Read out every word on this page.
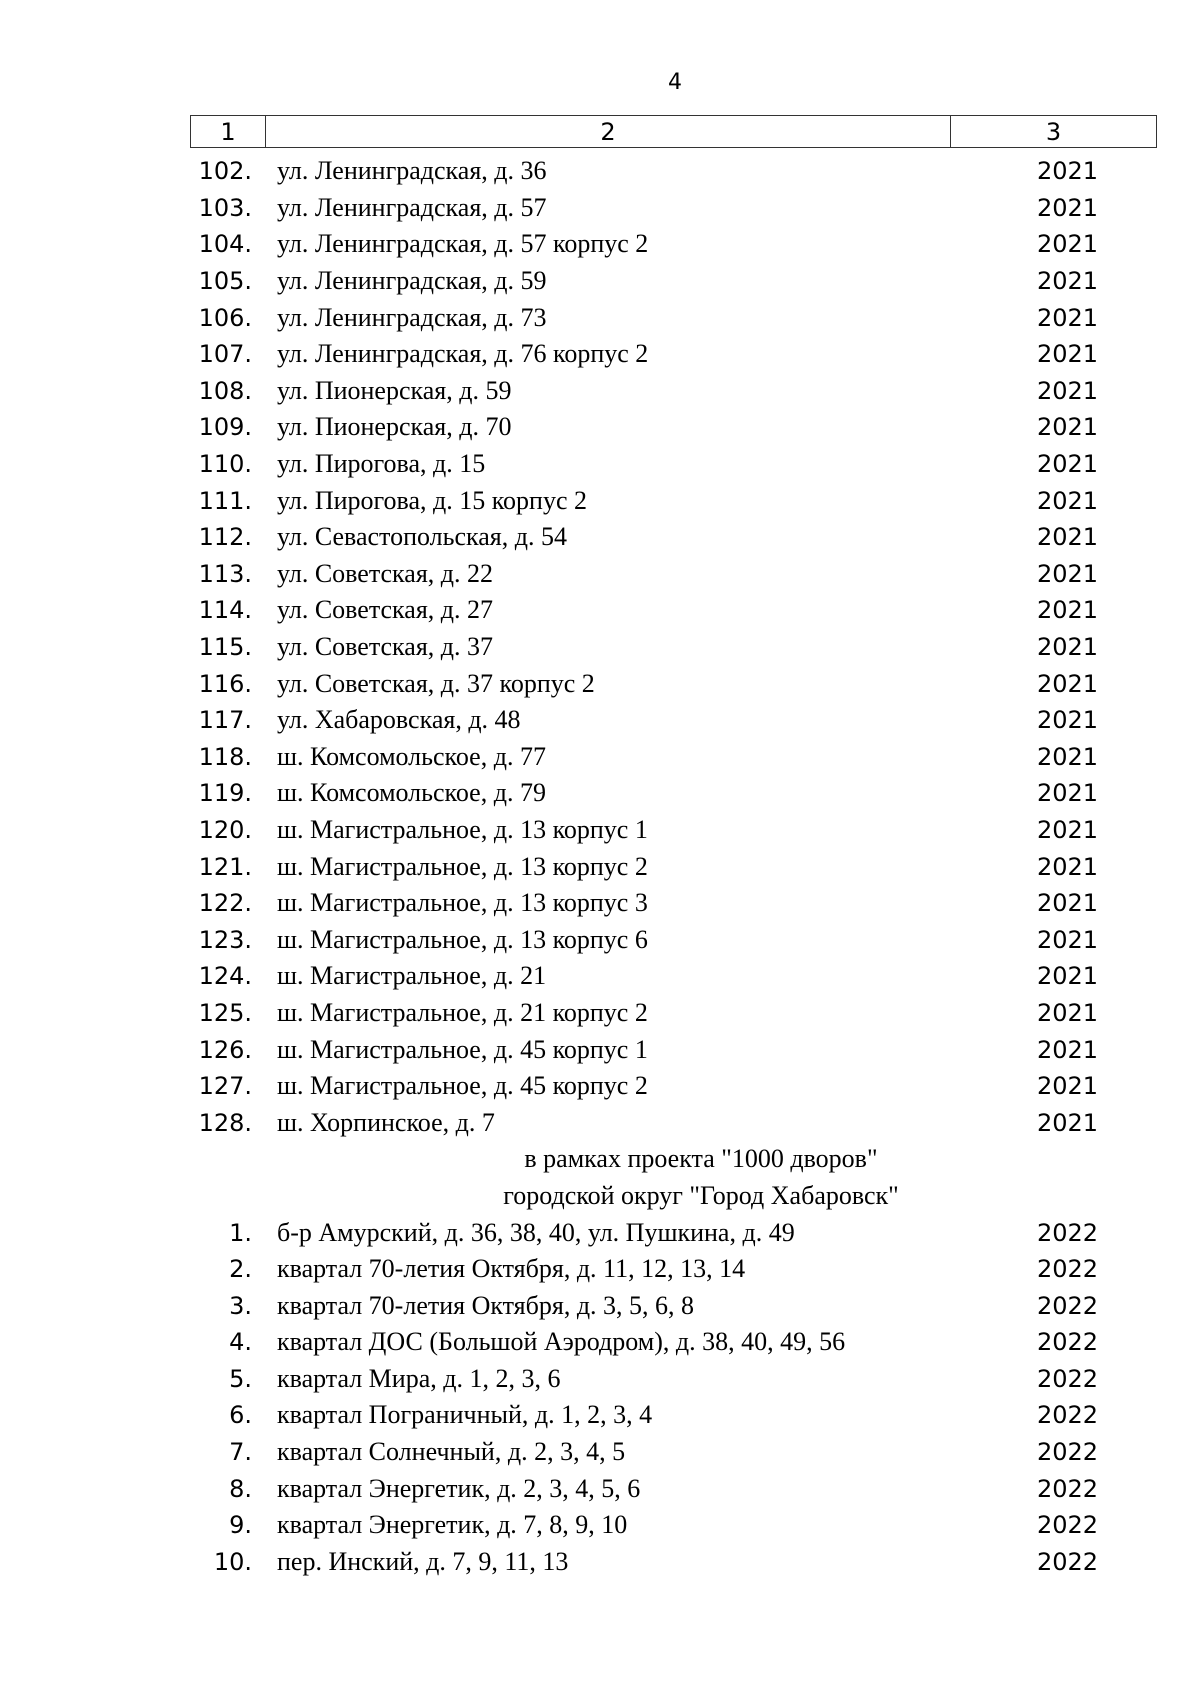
4
1	2	3
102. ул. Ленинградская, д. 36	2021
103. ул. Ленинградская, д. 57	2021
104. ул. Ленинградская, д. 57 корпус 2	2021
105. ул. Ленинградская, д. 59	2021
106. ул. Ленинградская, д. 73	2021
107. ул. Ленинградская, д. 76 корпус 2	2021
108. ул. Пионерская, д. 59	2021
109. ул. Пионерская, д. 70	2021
110. ул. Пирогова, д. 15	2021
111. ул. Пирогова, д. 15 корпус 2	2021
112. ул. Севастопольская, д. 54	2021
113. ул. Советская, д. 22	2021
114. ул. Советская, д. 27	2021
115. ул. Советская, д. 37	2021
116. ул. Советская, д. 37 корпус 2	2021
117. ул. Хабаровская, д. 48	2021
118. ш. Комсомольское, д. 77	2021
119. ш. Комсомольское, д. 79	2021
120. ш. Магистральное, д. 13 корпус 1	2021
121. ш. Магистральное, д. 13 корпус 2	2021
122. ш. Магистральное, д. 13 корпус 3	2021
123. ш. Магистральное, д. 13 корпус 6	2021
124. ш. Магистральное, д. 21	2021
125. ш. Магистральное, д. 21 корпус 2	2021
126. ш. Магистральное, д. 45 корпус 1	2021
127. ш. Магистральное, д. 45 корпус 2	2021
128. ш. Хорпинское, д. 7	2021
в рамках проекта "1000 дворов"
городской округ "Город Хабаровск"
1. б-р Амурский, д. 36, 38, 40, ул. Пушкина, д. 49	2022
2. квартал 70-летия Октября, д. 11, 12, 13, 14	2022
3. квартал 70-летия Октября, д. 3, 5, 6, 8	2022
4. квартал ДОС (Большой Аэродром), д. 38, 40, 49, 56	2022
5. квартал Мира, д. 1, 2, 3, 6	2022
6. квартал Пограничный, д. 1, 2, 3, 4	2022
7. квартал Солнечный, д. 2, 3, 4, 5	2022
8. квартал Энергетик, д. 2, 3, 4, 5, 6	2022
9. квартал Энергетик, д. 7, 8, 9, 10	2022
10. пер. Инский, д. 7, 9, 11, 13	2022
